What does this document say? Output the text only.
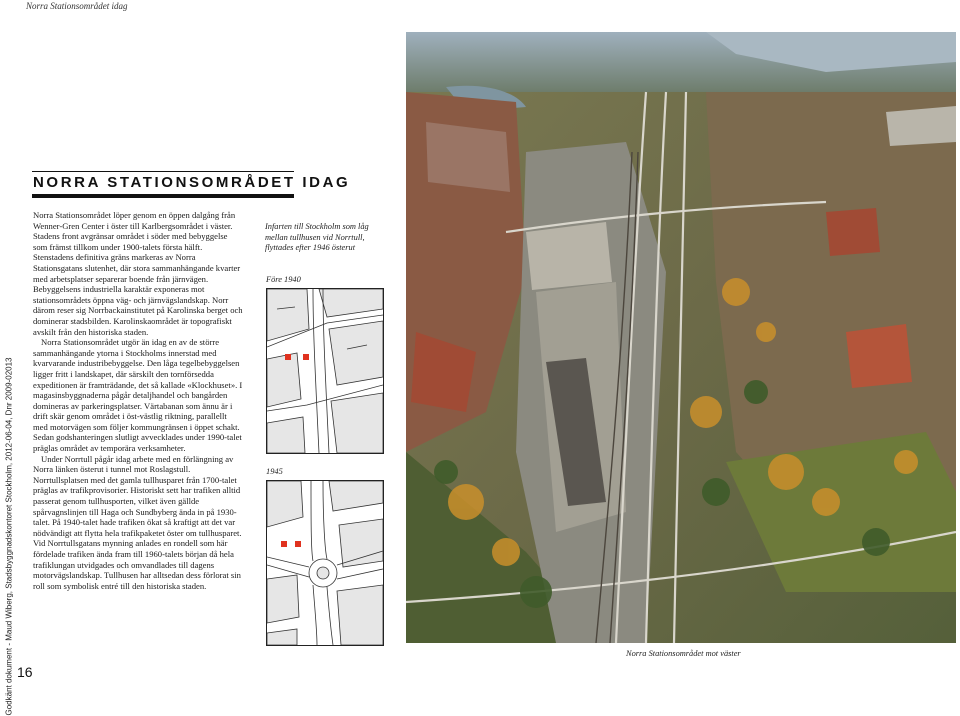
Norra Stationsområdet idag
Godkänt dokument - Maud Wiberg, Stadsbyggnadskontoret Stockholm, 2012-06-04, Dnr 2009-02013 16
NORRA STATIONSOMRÅDET IDAG

Norra Stationsområdet löper genom en öppen dalgång från Wenner-Gren Center i öster till Karlbergsområdet i väster. Stadens front avgränsar området i söder med bebyggelse som främst tillkom under 1900-talets första hälft. Stenstadens definitiva gräns markeras av Norra Stationsgatans slutenhet, där stora sammanhängande kvarter med arbetsplatser separerar boende från järnvägen. Bebyggelsens industriella karaktär exponeras mot stationsområdets öppna väg- och järnvägslandskap. Norr därom reser sig Norrbackainstitutet på Karolinska berget och dominerar stadsbilden. Karolinskaområdet är topografiskt avskilt från den historiska staden.

Norra Stationsområdet utgör än idag en av de större sammanhängande ytorna i Stockholms innerstad med kvarvarande industribebyggelse. Den låga tegelbebyggelsen ligger fritt i landskapet, där särskilt den tornförsedda expeditionen är framträdande, det så kallade «Klockhuset». I magasinsbyggnaderna pågår detaljhandel och bangården domineras av parkeringsplatser. Värtabanan som ännu är i drift skär genom området i öst-västlig riktning, parallellt med motorvägen som följer kommungränsen i öppet schakt. Sedan godshanteringen slutligt avvecklades under 1990-talet präglas området av temporära verksamheter.

Under Norrtull pågår idag arbete med en förlängning av Norra länken österut i tunnel mot Roslagstull. Norrtullsplatsen med det gamla tullhusparet från 1700-talet präglas av trafikprovisorier. Historiskt sett har trafiken alltid passerat genom tullhusporten, vilket även gällde spårvagnslinjen till Haga och Sundbyberg ända in på 1930-talet. På 1940-talet hade trafiken ökat så kraftigt att det var nödvändigt att flytta hela trafikpaketet öster om tullhusparet. Vid Norrtullsgatans mynning anlades en rondell som här fördelade trafiken ända fram till 1960-talets början då hela trafiklungan utvidgades och omvandlades till dagens motorvägslandskap. Tullhusen har alltsedan dess förlorat sin roll som symbolisk entré till den historiska staden.

Infarten till Stockholm som låg mellan tullhusen vid Norrtull, flyttades efter 1946 österut
Före 1940
1945
Norra Stationsområdet mot väster
